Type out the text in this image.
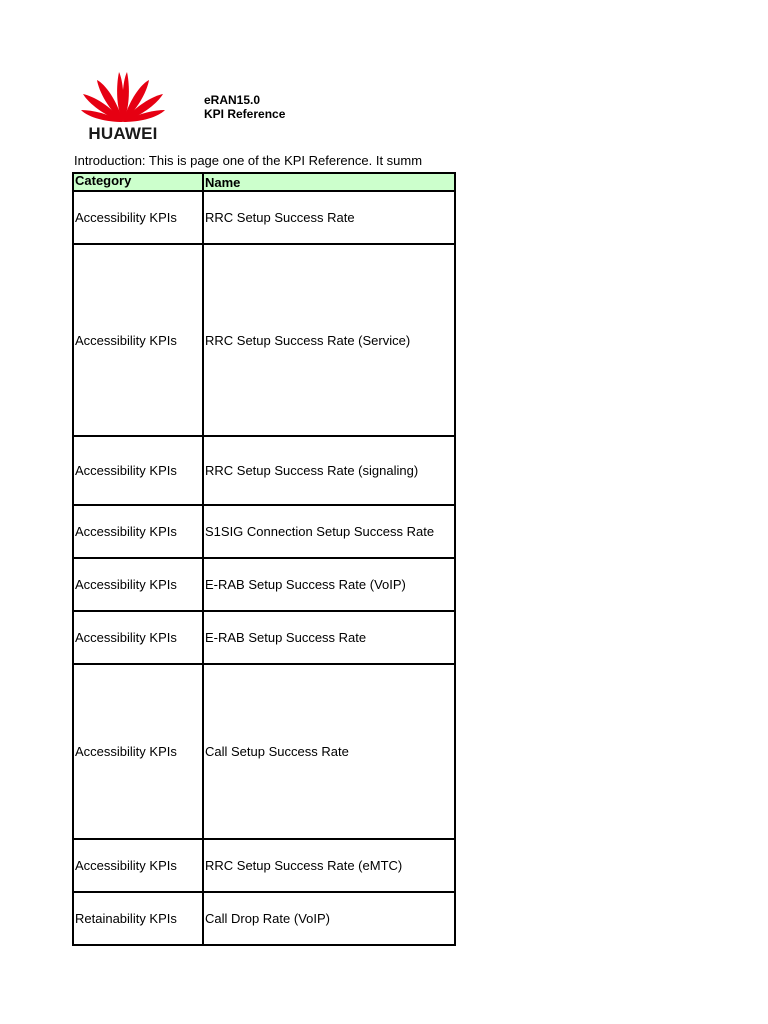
HUAWEI
eRAN15.0
KPI Reference
Introduction: This is page one of the KPI Reference. It summ
Category	Name
Accessibility KPIs	RRC Setup Success Rate
Accessibility KPIs	RRC Setup Success Rate (Service)
Accessibility KPIs	RRC Setup Success Rate (signaling)
Accessibility KPIs	S1SIG Connection Setup Success Rate
Accessibility KPIs	E-RAB Setup Success Rate (VoIP)
Accessibility KPIs	E-RAB Setup Success Rate
Accessibility KPIs	Call Setup Success Rate
Accessibility KPIs	RRC Setup Success Rate (eMTC)
Retainability KPIs	Call Drop Rate (VoIP)
